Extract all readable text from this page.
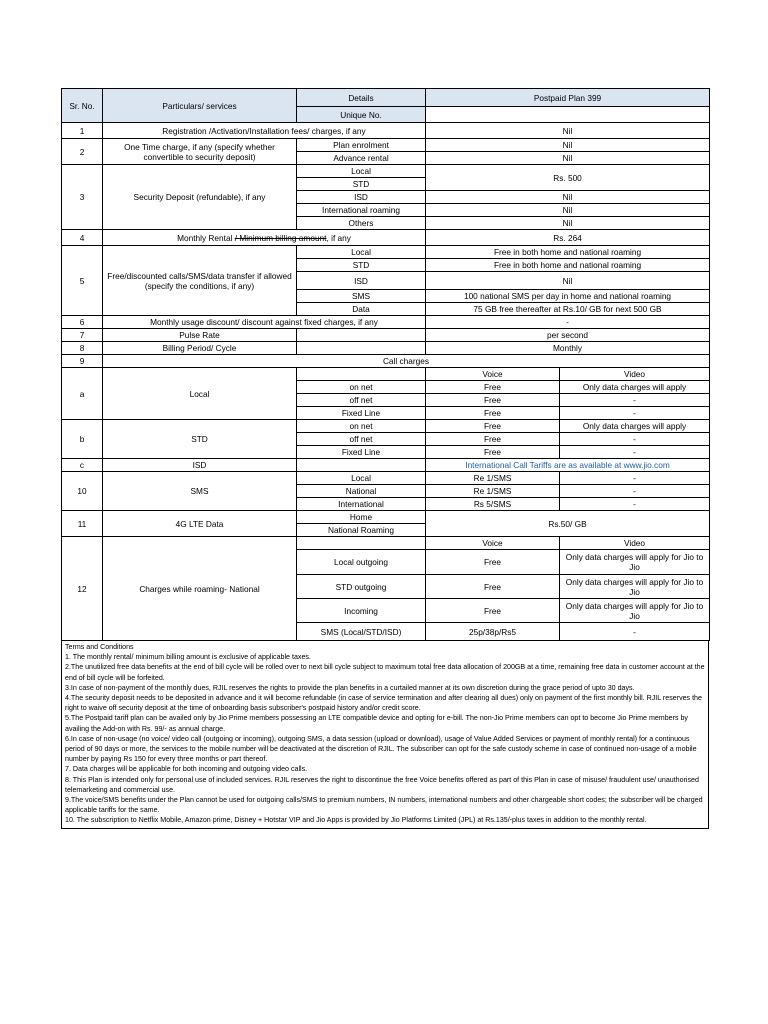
Sr. No.	Particulars/ services	Details	Postpaid Plan 399	
		Unique No.		
1	Registration /Activation/Installation fees/ charges, if any		Nil	
2	One Time charge, if any (specify whether convertible to security deposit)	Plan enrolment	Nil	
		Advance rental	Nil	
3	Security Deposit (refundable), if any	Local	Rs. 500	
		STD		
		ISD	Nil	
		International roaming	Nil	
		Others	Nil	
4	Monthly Rental / Minimum billing amount, if any		Rs. 264	
5	Free/discounted calls/SMS/data transfer if allowed (specify the conditions, if any)	Local	Free in both home and national roaming	
		STD	Free in both home and national roaming	
		ISD	Nil	
		SMS	100 national SMS per day in home and national roaming	
		Data	75 GB free thereafter at Rs.10/ GB for next 500 GB	
6	Monthly usage discount/ discount against fixed charges, if any		-	
7	Pulse Rate		per second	
8	Billing Period/ Cycle		Monthly	
9	Call charges			
a	Local		Voice	Video
		on net	Free	Only data charges will apply
		off net	Free	-
		Fixed Line	Free	-
b	STD	on net	Free	Only data charges will apply
		off net	Free	-
		Fixed Line	Free	-
c	ISD		International Call Tariffs are as available at www.jio.com	
10	SMS	Local	Re 1/SMS	-
		National	Re 1/SMS	-
		International	Rs 5/SMS	-
11	4G LTE Data	Home	Rs.50/ GB	
		National Roaming		
12	Charges while roaming- National		Voice	Video
		Local outgoing	Free	Only data charges will apply for Jio to Jio
		STD outgoing	Free	Only data charges will apply for Jio to Jio
		Incoming	Free	Only data charges will apply for Jio to Jio
		SMS (Local/STD/ISD)	25p/38p/Rs5	-

Terms and Conditions

1. The monthly rental/ minimum billing amount is exclusive of applicable taxes.

2.The unutilized free data benefits at the end of bill cycle will be rolled over to next bill cycle subject to maximum total free data allocation of 200GB at a time, remaining free data in customer account at the end of bill cycle will be forfeited.

3.In case of non-payment of the monthly dues, RJIL reserves the rights to provide the plan benefits in a curtailed manner at its own discretion during the grace period of upto 30 days.

4.The security deposit needs to be deposited in advance and it will become refundable (in case of service termination and after clearing all dues) only on payment of the first monthly bill. RJIL reserves the right to waive off security deposit at the time of onboarding basis subscriber's postpaid history and/or credit score.

5.The Postpaid tariff plan can be availed only by Jio Prime members possessing an LTE compatible device and opting for e-bill. The non-Jio Prime members can opt to become Jio Prime members by availing the Add-on with Rs. 99/- as annual charge.

6.In case of non-usage (no voice/ video call (outgoing or incoming), outgoing SMS, a data session (upload or download), usage of Value Added Services or payment of monthly rental) for a continuous period of 90 days or more, the services to the mobile number will be deactivated at the discretion of RJIL. The subscriber can opt for the safe custody scheme in case of continued non-usage of a mobile number by paying Rs 150 for every three months or part thereof.

7. Data charges will be applicable for both incoming and outgoing video calls.

8. This Plan is intended only for personal use of included services. RJIL reserves the right to discontinue the free Voice benefits offered as part of this Plan in case of misuse/ fraudulent use/ unauthorised telemarketing and commercial use.

9.The voice/SMS benefits under the Plan cannot be used for outgoing calls/SMS to premium numbers, IN numbers, international numbers and other chargeable short codes; the subscriber will be charged applicable tariffs for the same.

10. The subscription to Netflix Mobile, Amazon prime, Disney + Hotstar VIP and Jio Apps is provided by Jio Platforms Limited (JPL) at Rs.135/-plus taxes in addition to the monthly rental.
